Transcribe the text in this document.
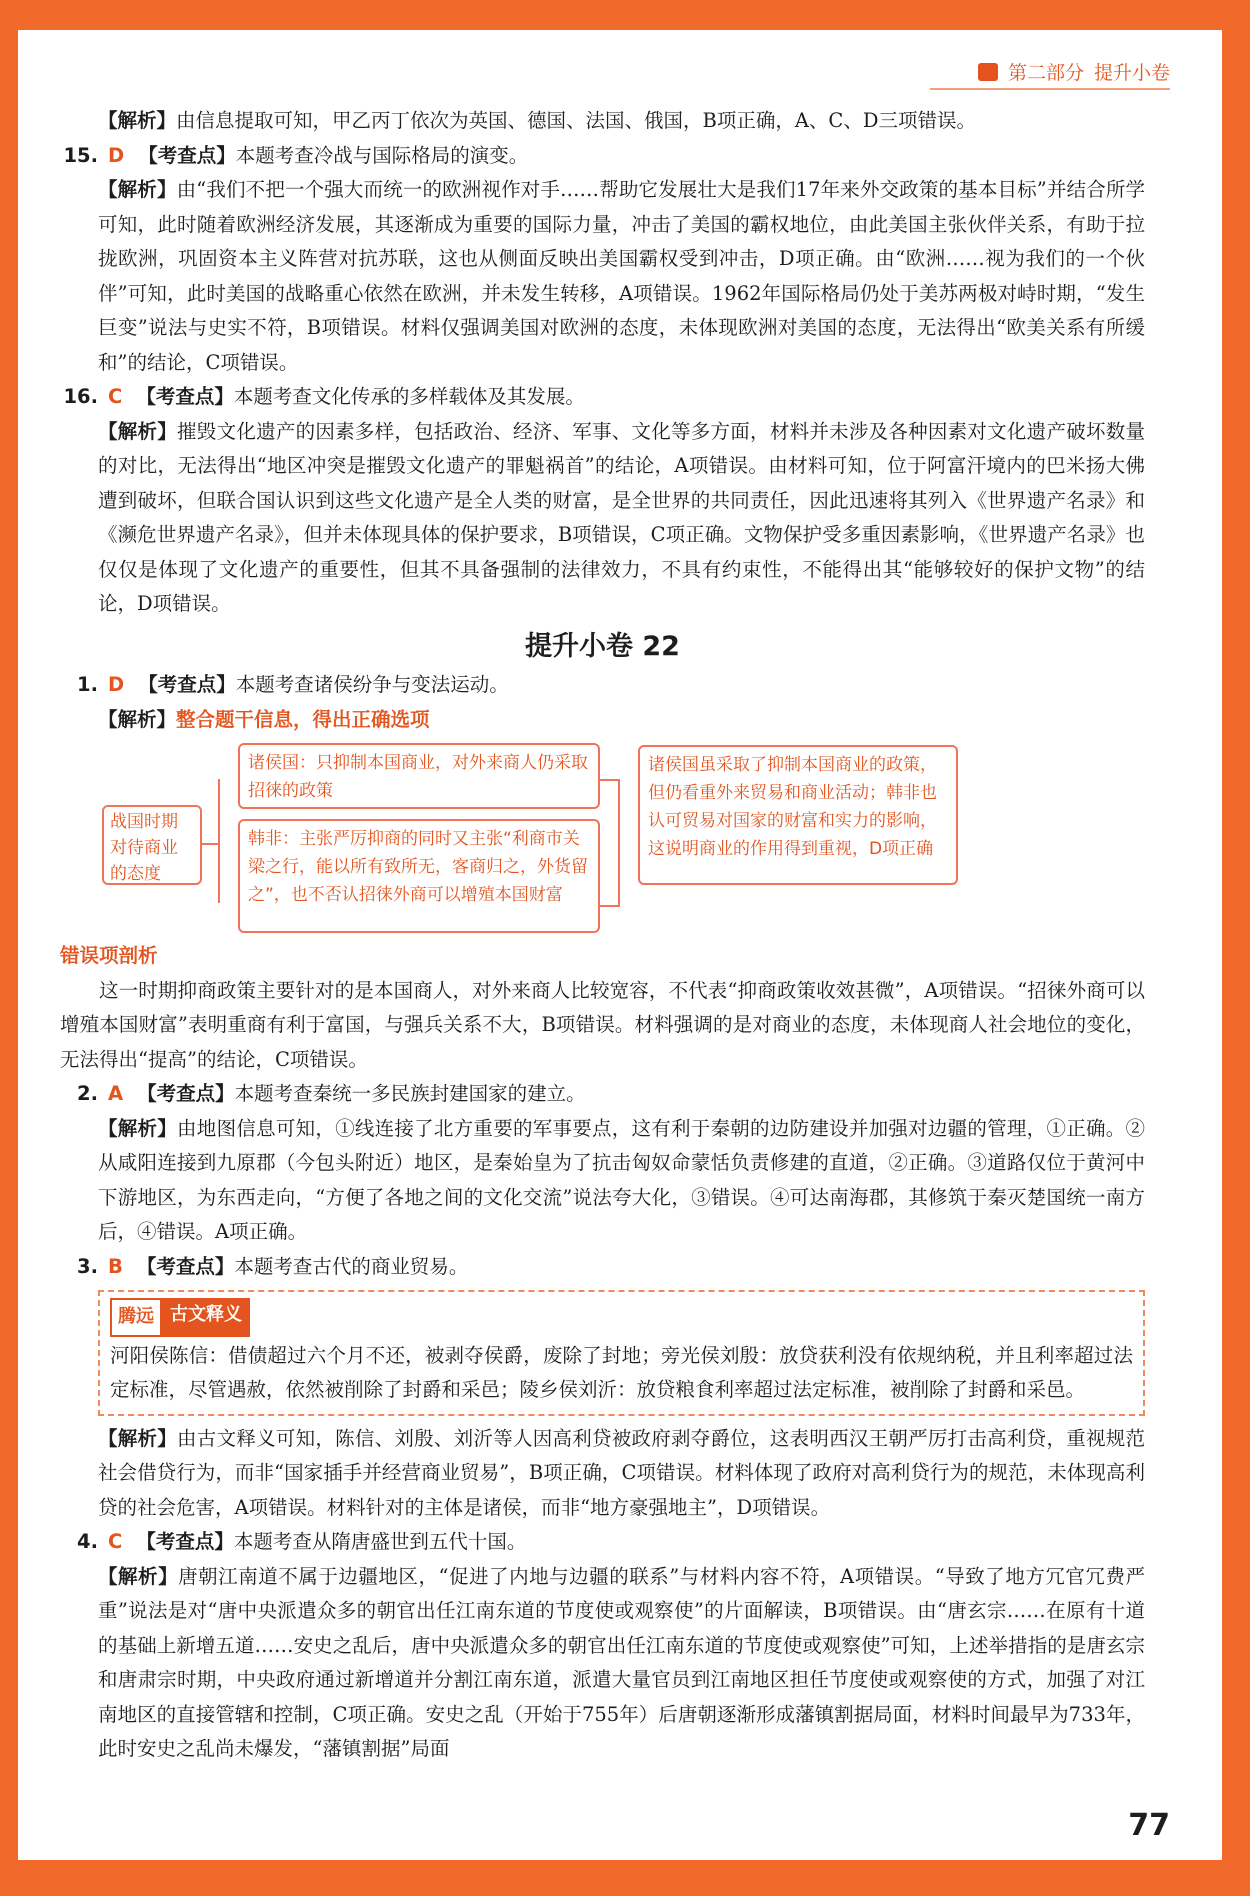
第二部分 提升小卷

【解析】由信息提取可知，甲乙丙丁依次为英国、德国、法国、俄国，B项正确，A、C、D三项错误。

15. D 【考查点】本题考查冷战与国际格局的演变。

【解析】由“我们不把一个强大而统一的欧洲视作对手……帮助它发展壮大是我们17年来外交政策的基本目标”并结合所学可知，此时随着欧洲经济发展，其逐渐成为重要的国际力量，冲击了美国的霸权地位，由此美国主张伙伴关系，有助于拉拢欧洲，巩固资本主义阵营对抗苏联，这也从侧面反映出美国霸权受到冲击，D项正确。由“欧洲……视为我们的一个伙伴”可知，此时美国的战略重心依然在欧洲，并未发生转移，A项错误。1962年国际格局仍处于美苏两极对峙时期，“发生巨变”说法与史实不符，B项错误。材料仅强调美国对欧洲的态度，未体现欧洲对美国的态度，无法得出“欧美关系有所缓和”的结论，C项错误。

16. C 【考查点】本题考查文化传承的多样载体及其发展。

【解析】摧毁文化遗产的因素多样，包括政治、经济、军事、文化等多方面，材料并未涉及各种因素对文化遗产破坏数量的对比，无法得出“地区冲突是摧毁文化遗产的罪魁祸首”的结论，A项错误。由材料可知，位于阿富汗境内的巴米扬大佛遭到破坏，但联合国认识到这些文化遗产是全人类的财富，是全世界的共同责任，因此迅速将其列入《世界遗产名录》和《濒危世界遗产名录》，但并未体现具体的保护要求，B项错误，C项正确。文物保护受多重因素影响，《世界遗产名录》也仅仅是体现了文化遗产的重要性，但其不具备强制的法律效力，不具有约束性，不能得出其“能够较好的保护文物”的结论，D项错误。

提升小卷 22
1. D 【考查点】本题考查诸侯纷争与变法运动。

【解析】整合题干信息，得出正确选项

战国时期对待商业的态度
诸侯国：只抑制本国商业，对外来商人仍采取招徕的政策
韩非：主张严厉抑商的同时又主张“利商市关梁之行，能以所有致所无，客商归之，外货留之”，也不否认招徕外商可以增殖本国财富
诸侯国虽采取了抑制本国商业的政策，但仍看重外来贸易和商业活动；韩非也认可贸易对国家的财富和实力的影响，这说明商业的作用得到重视，D项正确
错误项剖析

这一时期抑商政策主要针对的是本国商人，对外来商人比较宽容，不代表“抑商政策收效甚微”，A项错误。“招徕外商可以增殖本国财富”表明重商有利于富国，与强兵关系不大，B项错误。材料强调的是对商业的态度，未体现商人社会地位的变化，无法得出“提高”的结论，C项错误。

2. A 【考查点】本题考查秦统一多民族封建国家的建立。

【解析】由地图信息可知，①线连接了北方重要的军事要点，这有利于秦朝的边防建设并加强对边疆的管理，①正确。②从咸阳连接到九原郡（今包头附近）地区，是秦始皇为了抗击匈奴命蒙恬负责修建的直道，②正确。③道路仅位于黄河中下游地区，为东西走向，“方便了各地之间的文化交流”说法夸大化，③错误。④可达南海郡，其修筑于秦灭楚国统一南方后，④错误。A项正确。

3. B 【考查点】本题考查古代的商业贸易。
腾远 古文释义

河阳侯陈信：借债超过六个月不还，被剥夺侯爵，废除了封地；旁光侯刘殷：放贷获利没有依规纳税，并且利率超过法定标准，尽管遇赦，依然被削除了封爵和采邑；陵乡侯刘沂：放贷粮食利率超过法定标准，被削除了封爵和采邑。

【解析】由古文释义可知，陈信、刘殷、刘沂等人因高利贷被政府剥夺爵位，这表明西汉王朝严厉打击高利贷，重视规范社会借贷行为，而非“国家插手并经营商业贸易”，B项正确，C项错误。材料体现了政府对高利贷行为的规范，未体现高利贷的社会危害，A项错误。材料针对的主体是诸侯，而非“地方豪强地主”，D项错误。

4. C 【考查点】本题考查从隋唐盛世到五代十国。

【解析】唐朝江南道不属于边疆地区，“促进了内地与边疆的联系”与材料内容不符，A项错误。“导致了地方冗官冗费严重”说法是对“唐中央派遣众多的朝官出任江南东道的节度使或观察使”的片面解读，B项错误。由“唐玄宗……在原有十道的基础上新增五道……安史之乱后，唐中央派遣众多的朝官出任江南东道的节度使或观察使”可知，上述举措指的是唐玄宗和唐肃宗时期，中央政府通过新增道并分割江南东道，派遣大量官员到江南地区担任节度使或观察使的方式，加强了对江南地区的直接管辖和控制，C项正确。安史之乱（开始于755年）后唐朝逐渐形成藩镇割据局面，材料时间最早为733年，此时安史之乱尚未爆发，“藩镇割据”局面

77
